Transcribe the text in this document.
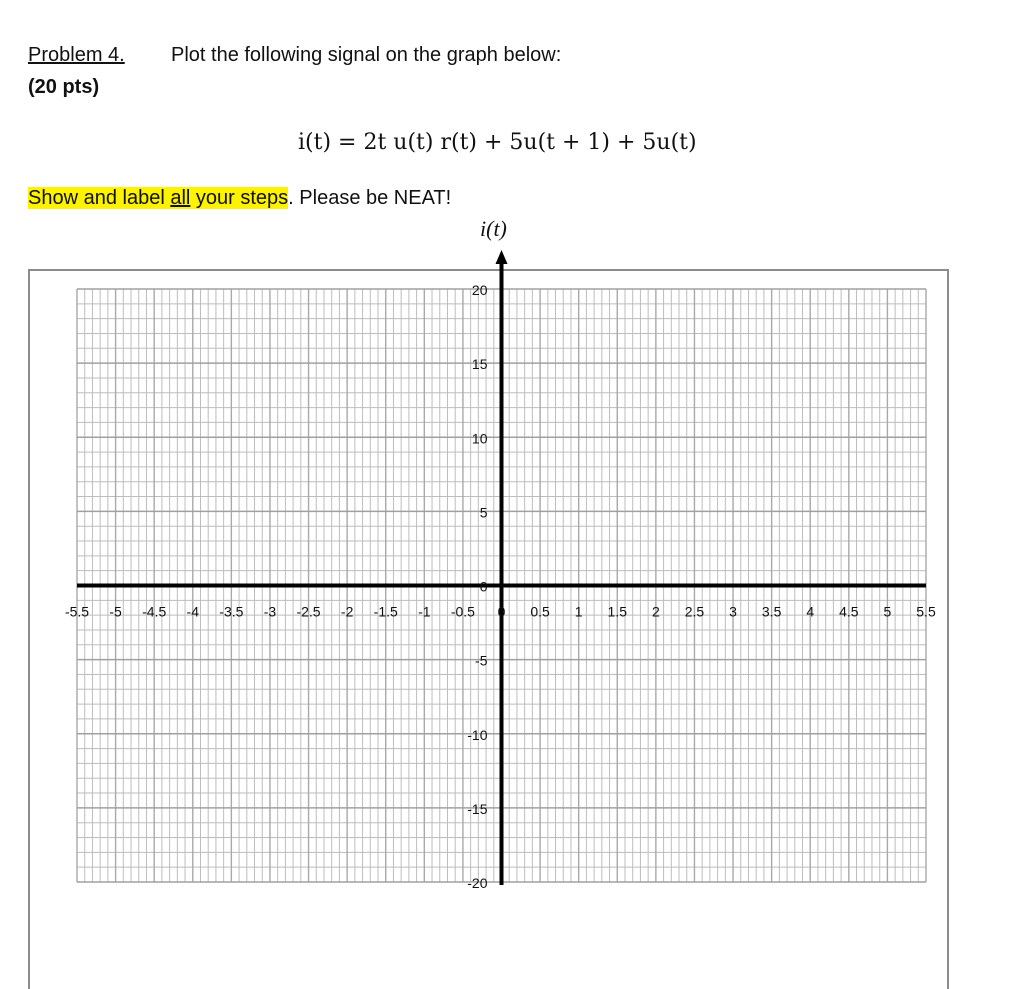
Problem 4.
(20 pts)
Plot the following signal on the graph below:
i(t) = 2t u(t) r(t) + 5u(t + 1) + 5u(t)
Show and label all your steps. Please be NEAT!
i(t)
-5.5 -5 -4.5 -4 -3.5 -3 -2.5 -2 -1.5 -1 -0.5 0 0.5 1 1.5 2 2.5 3 3.5 4 4.5 5 5.5
20
15
10
5
0
-5
-10
-15
-20
